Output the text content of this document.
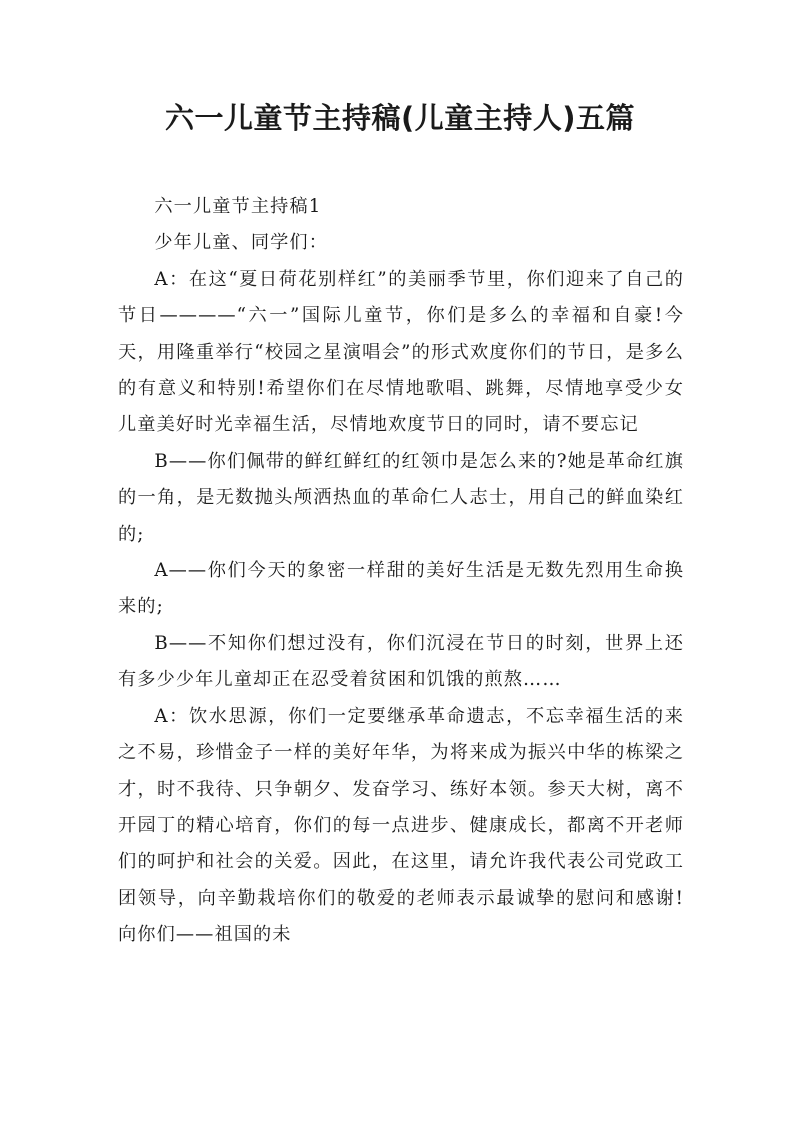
六一儿童节主持稿(儿童主持人)五篇

六一儿童节主持稿1

少年儿童、同学们：

A：在这“夏日荷花别样红”的美丽季节里，你们迎来了自己的节日————“六一”国际儿童节，你们是多么的幸福和自豪!今天，用隆重举行“校园之星演唱会”的形式欢度你们的节日，是多么的有意义和特别!希望你们在尽情地歌唱、跳舞，尽情地享受少女儿童美好时光幸福生活，尽情地欢度节日的同时，请不要忘记

B——你们佩带的鲜红鲜红的红领巾是怎么来的?她是革命红旗的一角，是无数抛头颅洒热血的革命仁人志士，用自己的鲜血染红的;

A——你们今天的象密一样甜的美好生活是无数先烈用生命换来的;

B——不知你们想过没有，你们沉浸在节日的时刻，世界上还有多少少年儿童却正在忍受着贫困和饥饿的煎熬……

A：饮水思源，你们一定要继承革命遗志，不忘幸福生活的来之不易，珍惜金子一样的美好年华，为将来成为振兴中华的栋梁之才，时不我待、只争朝夕、发奋学习、练好本领。参天大树，离不开园丁的精心培育，你们的每一点进步、健康成长，都离不开老师们的呵护和社会的关爱。因此，在这里，请允许我代表公司党政工团领导，向辛勤栽培你们的敬爱的老师表示最诚挚的慰问和感谢!向你们——祖国的未
